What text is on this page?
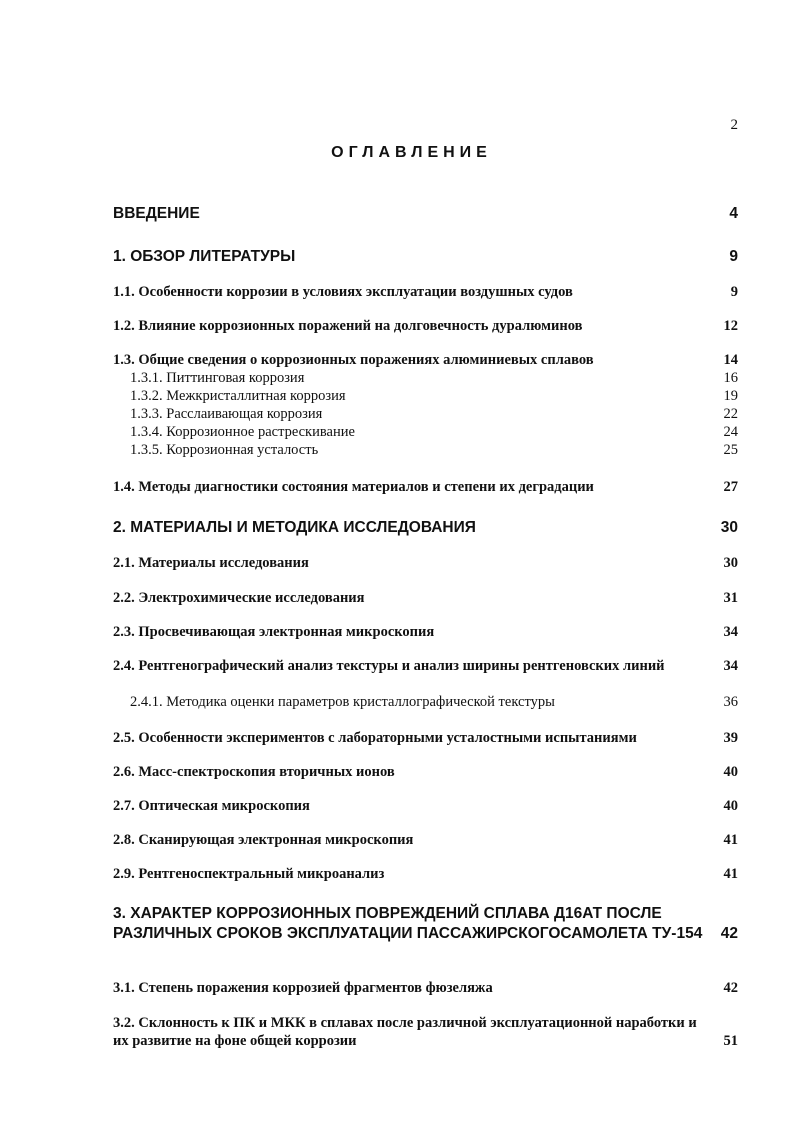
2
ОГЛАВЛЕНИЕ
ВВЕДЕНИЕ	4
1. ОБЗОР ЛИТЕРАТУРЫ	9
1.1. Особенности коррозии в условиях эксплуатации воздушных судов	9
1.2. Влияние коррозионных поражений на долговечность дуралюминов	12
1.3. Общие сведения о коррозионных поражениях алюминиевых сплавов	14
1.3.1. Питтинговая коррозия	16
1.3.2. Межкристаллитная коррозия	19
1.3.3. Расслаивающая коррозия	22
1.3.4. Коррозионное растрескивание	24
1.3.5. Коррозионная усталость	25
1.4. Методы диагностики состояния материалов и степени их деградации	27
2. МАТЕРИАЛЫ И МЕТОДИКА ИССЛЕДОВАНИЯ	30
2.1. Материалы исследования	30
2.2. Электрохимические исследования	31
2.3. Просвечивающая электронная микроскопия	34
2.4. Рентгенографический анализ текстуры и анализ ширины рентгеновских линий	34
2.4.1. Методика оценки параметров кристаллографической текстуры	36
2.5. Особенности экспериментов с лабораторными усталостными испытаниями	39
2.6. Масс-спектроскопия вторичных ионов	40
2.7. Оптическая микроскопия	40
2.8. Сканирующая электронная микроскопия	41
2.9. Рентгеноспектральный микроанализ	41
3. ХАРАКТЕР КОРРОЗИОННЫХ ПОВРЕЖДЕНИЙ СПЛАВА Д16АТ ПОСЛЕ РАЗЛИЧНЫХ СРОКОВ ЭКСПЛУАТАЦИИ ПАССАЖИРСКОГОСАМОЛЕТА ТУ-154	42
3.1. Степень поражения коррозией фрагментов фюзеляжа	42
3.2. Склонность к ПК и МКК в сплавах после различной эксплуатационной наработки и их развитие на фоне общей коррозии	51
